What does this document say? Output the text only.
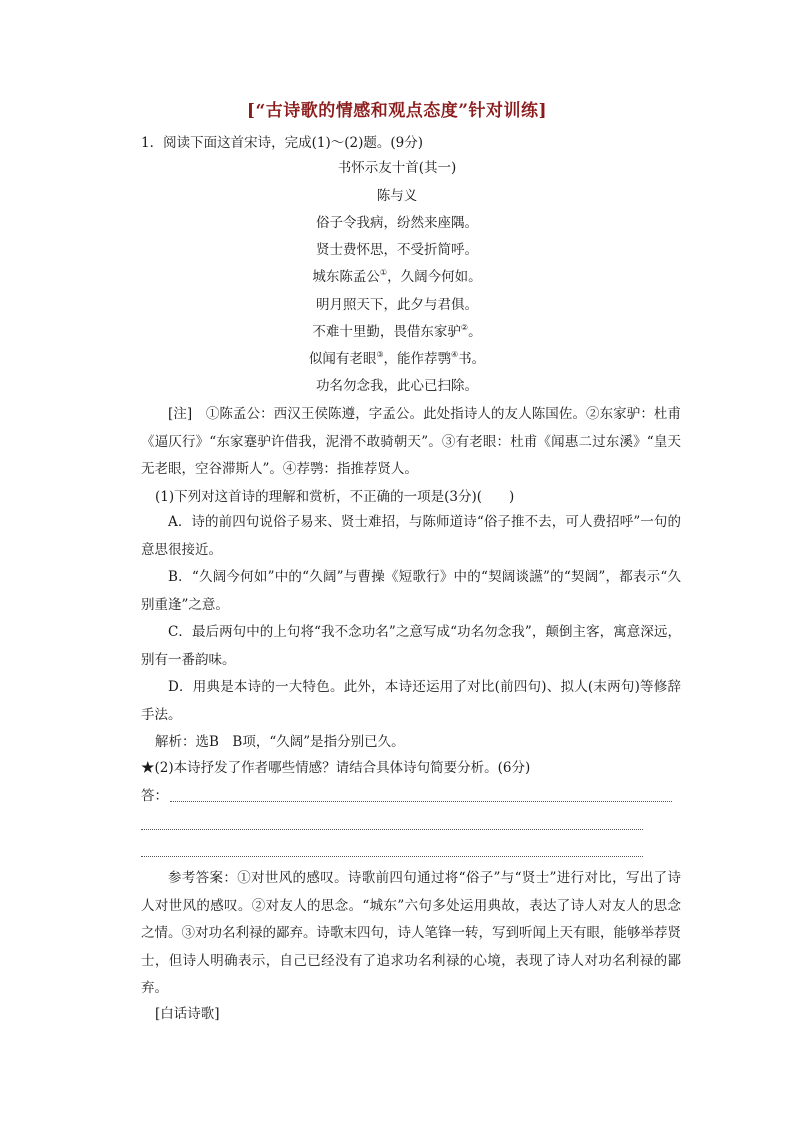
[“古诗歌的情感和观点态度”针对训练]
1．阅读下面这首宋诗，完成(1)～(2)题。(9分)
书怀示友十首(其一)
陈与义
俗子令我病，纷然来座隅。
贤士费怀思，不受折简呼。
城东陈孟公①，久阔今何如。
明月照天下，此夕与君俱。
不难十里勤，畏借东家驴②。
似闻有老眼③，能作荐鹗④书。
功名勿念我，此心已扫除。
[注]　①陈孟公：西汉王侯陈遵，字孟公。此处指诗人的友人陈国佐。②东家驴：杜甫《逼仄行》“东家蹇驴许借我，泥滑不敢骑朝天”。③有老眼：杜甫《闻惠二过东溪》“皇天无老眼，空谷滞斯人”。④荐鹗：指推荐贤人。
(1)下列对这首诗的理解和赏析，不正确的一项是(3分)(　　)
A．诗的前四句说俗子易来、贤士难招，与陈师道诗“俗子推不去，可人费招呼”一句的意思很接近。
B．“久阔今何如”中的“久阔”与曹操《短歌行》中的“契阔谈讌”的“契阔”，都表示“久别重逢”之意。
C．最后两句中的上句将“我不念功名”之意写成“功名勿念我”，颠倒主客，寓意深远，别有一番韵味。
D．用典是本诗的一大特色。此外，本诗还运用了对比(前四句)、拟人(末两句)等修辞手法。
解析：选B　B项，“久阔”是指分别已久。
★(2)本诗抒发了作者哪些情感？请结合具体诗句简要分析。(6分)
答：
参考答案：①对世风的感叹。诗歌前四句通过将“俗子”与“贤士”进行对比，写出了诗人对世风的感叹。②对友人的思念。“城东”六句多处运用典故，表达了诗人对友人的思念之情。③对功名利禄的鄙弃。诗歌末四句，诗人笔锋一转，写到听闻上天有眼，能够举荐贤士，但诗人明确表示，自己已经没有了追求功名利禄的心境，表现了诗人对功名利禄的鄙弃。
[白话诗歌]
